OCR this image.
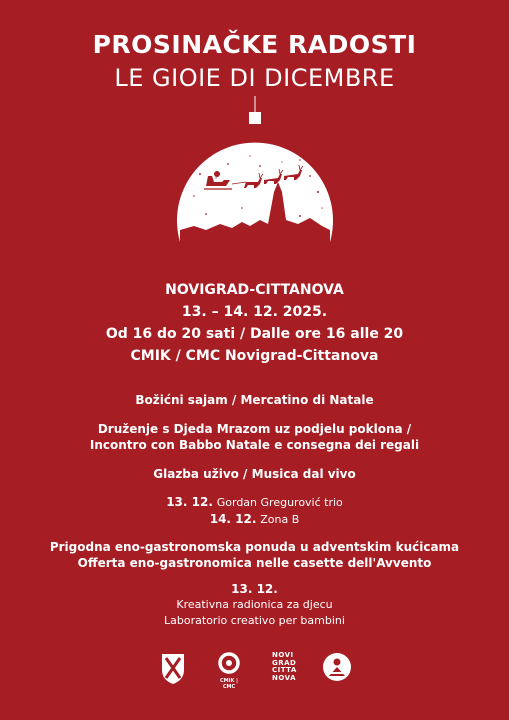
PROSINAČKE RADOSTI
LE GIOIE DI DICEMBRE
NOVIGRAD-CITTANOVA
13. – 14. 12. 2025.
Od 16 do 20 sati / Dalle ore 16 alle 20
CMIK / CMC Novigrad-Cittanova
Božićni sajam / Mercatino di Natale
Druženje s Djeda Mrazom uz podjelu poklona /
Incontro con Babbo Natale e consegna dei regali
Glazba uživo / Musica dal vivo
13. 12. Gordan Gregurović trio
14. 12. Zona B
Prigodna eno-gastronomska ponuda u adventskim kućicama
Offerta eno-gastronomica nelle casette dell'Avvento
13. 12.
Kreativna radionica za djecu
Laboratorio creativo per bambini
CMIK | CMC
NOVI
GRAD
CITTA
NOVA
